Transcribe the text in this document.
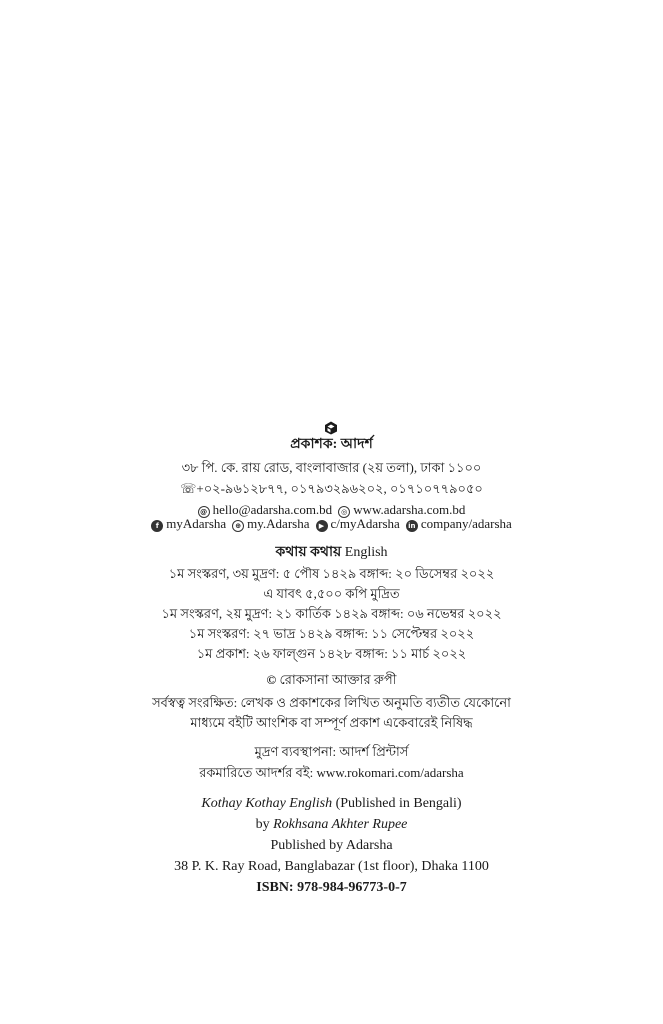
প্রকাশক: আদর্শ
৩৮ পি. কে. রায় রোড, বাংলাবাজার (২য় তলা), ঢাকা ১১০০
☏+০২-৯৬১২৮৭৭, ০১৭৯৩২৯৬২০২, ০১৭১০৭৭৯০৫০
@ hello@adarsha.com.bd ◎ www.adarsha.com.bd
f myAdarsha ⊕ my.Adarsha ▶ c/myAdarsha in company/adarsha
কথায় কথায় English
১ম সংস্করণ, ৩য় মুদ্রণ: ৫ পৌষ ১৪২৯ বঙ্গাব্দ: ২০ ডিসেম্বর ২০২২
এ যাবৎ ৫,৫০০ কপি মুদ্রিত
১ম সংস্করণ, ২য় মুদ্রণ: ২১ কার্তিক ১৪২৯ বঙ্গাব্দ: ০৬ নভেম্বর ২০২২
১ম সংস্করণ: ২৭ ভাদ্র ১৪২৯ বঙ্গাব্দ: ১১ সেপ্টেম্বর ২০২২
১ম প্রকাশ: ২৬ ফাল্গুন ১৪২৮ বঙ্গাব্দ: ১১ মার্চ ২০২২
© রোকসানা আক্তার রুপী
সর্বস্বত্ব সংরক্ষিত: লেখক ও প্রকাশকের লিখিত অনুমতি ব্যতীত যেকোনো
মাধ্যমে বইটি আংশিক বা সম্পূর্ণ প্রকাশ একেবারেই নিষিদ্ধ
মুদ্রণ ব্যবস্থাপনা: আদর্শ প্রিন্টার্স
রকমারিতে আদর্শর বই: www.rokomari.com/adarsha
Kothay Kothay English (Published in Bengali)
by Rokhsana Akhter Rupee
Published by Adarsha
38 P. K. Ray Road, Banglabazar (1st floor), Dhaka 1100
ISBN: 978-984-96773-0-7
